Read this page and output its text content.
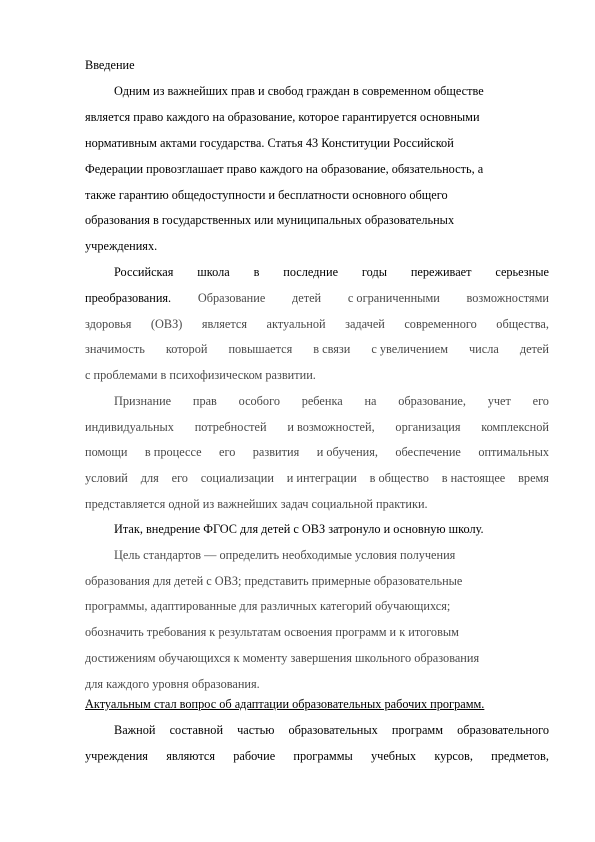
Введение
Одним из важнейших прав и свобод граждан в современном обществе
является право каждого на образование, которое гарантируется основными
нормативным актами государства. Статья 43 Конституции Российской
Федерации провозглашает право каждого на образование, обязательность, а
также гарантию общедоступности и бесплатности основного общего
образования в государственных или муниципальных образовательных
учреждениях.
Российская школа в последние годы переживает серьезные
преобразования. Образование детей с ограниченными возможностями
здоровья (ОВЗ) является актуальной задачей современного общества,
значимость которой повышается в связи с увеличением числа детей
с проблемами в психофизическом развитии.
Признание прав особого ребенка на образование, учет его
индивидуальных потребностей и возможностей, организация комплексной
помощи в процессе его развития и обучения, обеспечение оптимальных
условий для его социализации и интеграции в общество в настоящее время
представляется одной из важнейших задач социальной практики.
Итак, внедрение ФГОС для детей с ОВЗ затронуло и основную школу.
Цель стандартов — определить необходимые условия получения
образования для детей с ОВЗ; представить примерные образовательные
программы, адаптированные для различных категорий обучающихся;
обозначить требования к результатам освоения программ и к итоговым
достижениям обучающихся к моменту завершения школьного образования
для каждого уровня образования.
Актуальным стал вопрос об адаптации образовательных рабочих программ.
Важной составной частью образовательных программ образовательного
учреждения являются рабочие программы учебных курсов, предметов,
